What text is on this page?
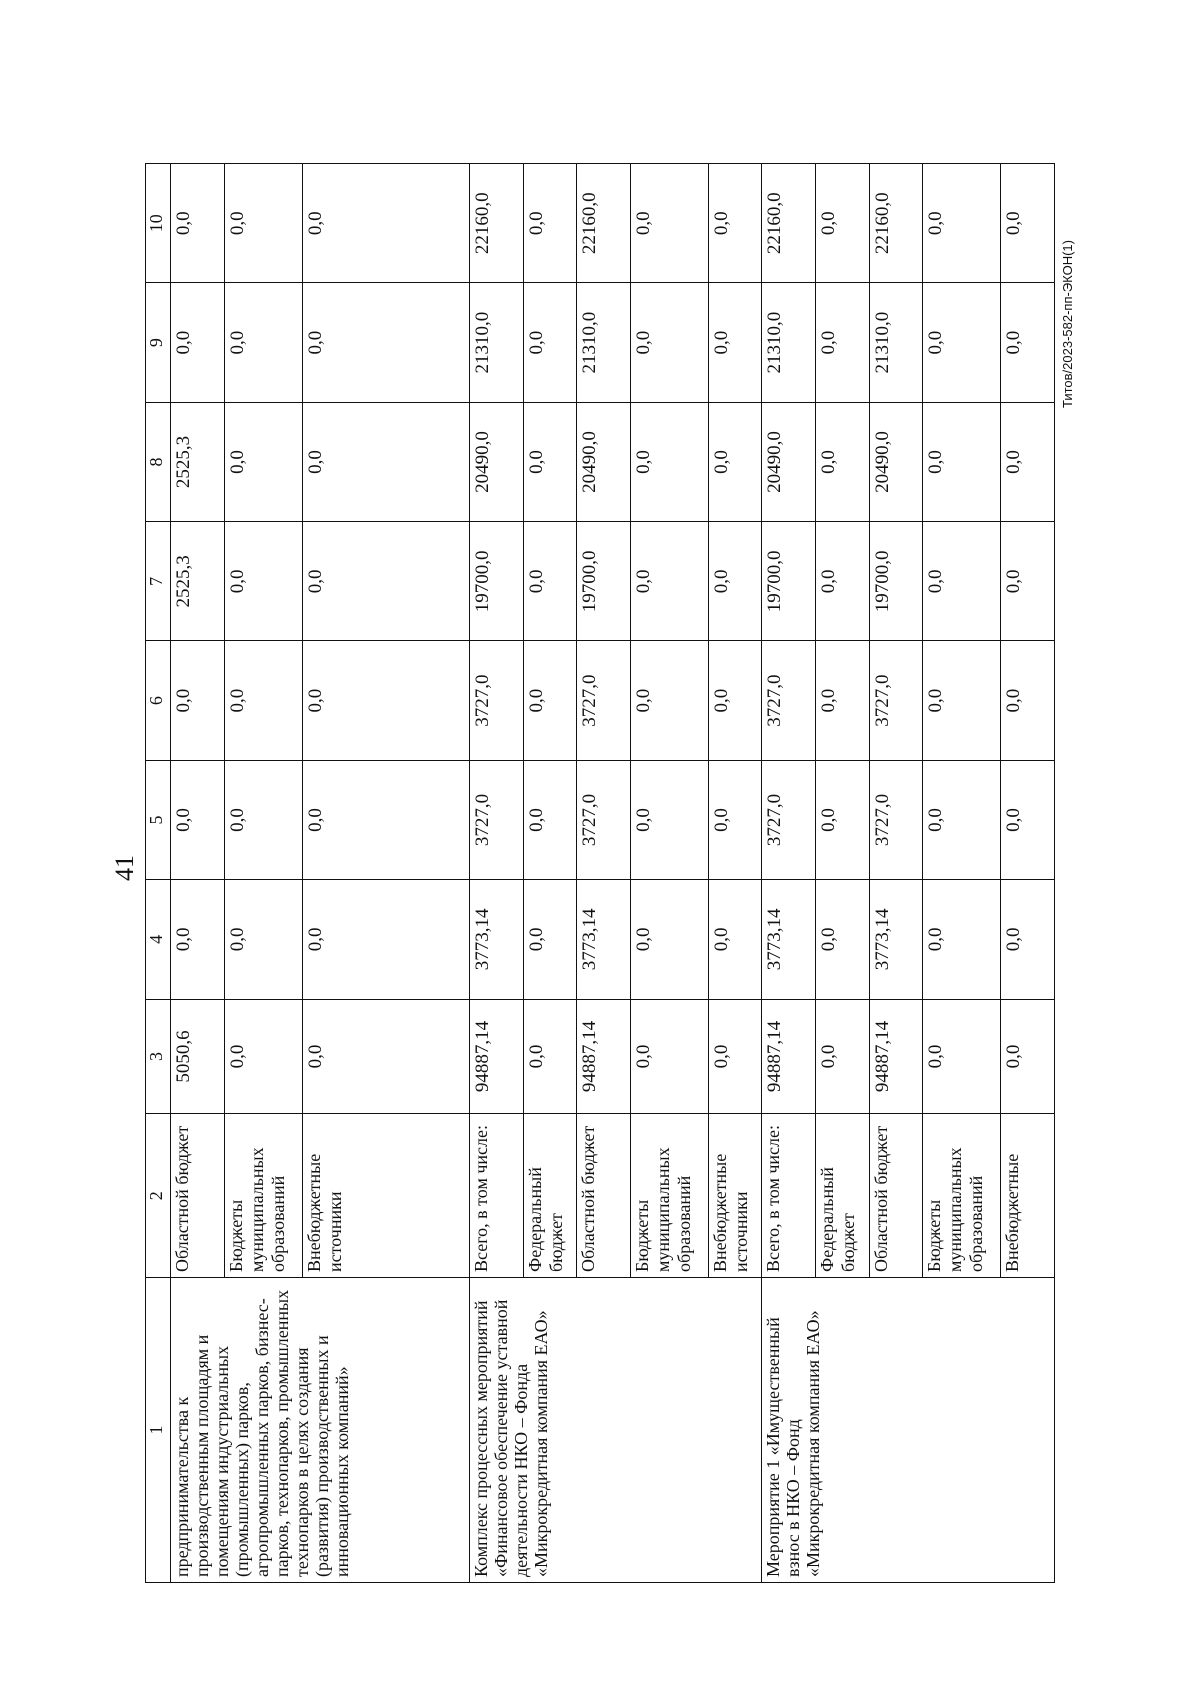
41
Титов/2023-582-пп-ЭКОН(1)
1	2	3	4	5	6	7	8	9	10
предпринимательства к производственным площадям и помещениям индустриальных (промышленных) парков, агропромышленных парков, бизнес-парков, технопарков, промышленных технопарков в целях создания (развития) производственных и инновационных компаний»	Областной бюджет	5050,6	0,0	0,0	0,0	2525,3	2525,3	0,0	0,0
	Бюджеты муниципальных образований	0,0	0,0	0,0	0,0	0,0	0,0	0,0	0,0
	Внебюджетные источники	0,0	0,0	0,0	0,0	0,0	0,0	0,0	0,0
Комплекс процессных мероприятий «Финансовое обеспечение уставной деятельности НКО – Фонда «Микрокредитная компания ЕАО»	Всего, в том числе:	94887,14	3773,14	3727,0	3727,0	19700,0	20490,0	21310,0	22160,0
	Федеральный бюджет	0,0	0,0	0,0	0,0	0,0	0,0	0,0	0,0
	Областной бюджет	94887,14	3773,14	3727,0	3727,0	19700,0	20490,0	21310,0	22160,0
	Бюджеты муниципальных образований	0,0	0,0	0,0	0,0	0,0	0,0	0,0	0,0
	Внебюджетные источники	0,0	0,0	0,0	0,0	0,0	0,0	0,0	0,0
Мероприятие 1 «Имущественный взнос в НКО – Фонд «Микрокредитная компания ЕАО»	Всего, в том числе:	94887,14	3773,14	3727,0	3727,0	19700,0	20490,0	21310,0	22160,0
	Федеральный бюджет	0,0	0,0	0,0	0,0	0,0	0,0	0,0	0,0
	Областной бюджет	94887,14	3773,14	3727,0	3727,0	19700,0	20490,0	21310,0	22160,0
	Бюджеты муниципальных образований	0,0	0,0	0,0	0,0	0,0	0,0	0,0	0,0
	Внебюджетные	0,0	0,0	0,0	0,0	0,0	0,0	0,0	0,0
